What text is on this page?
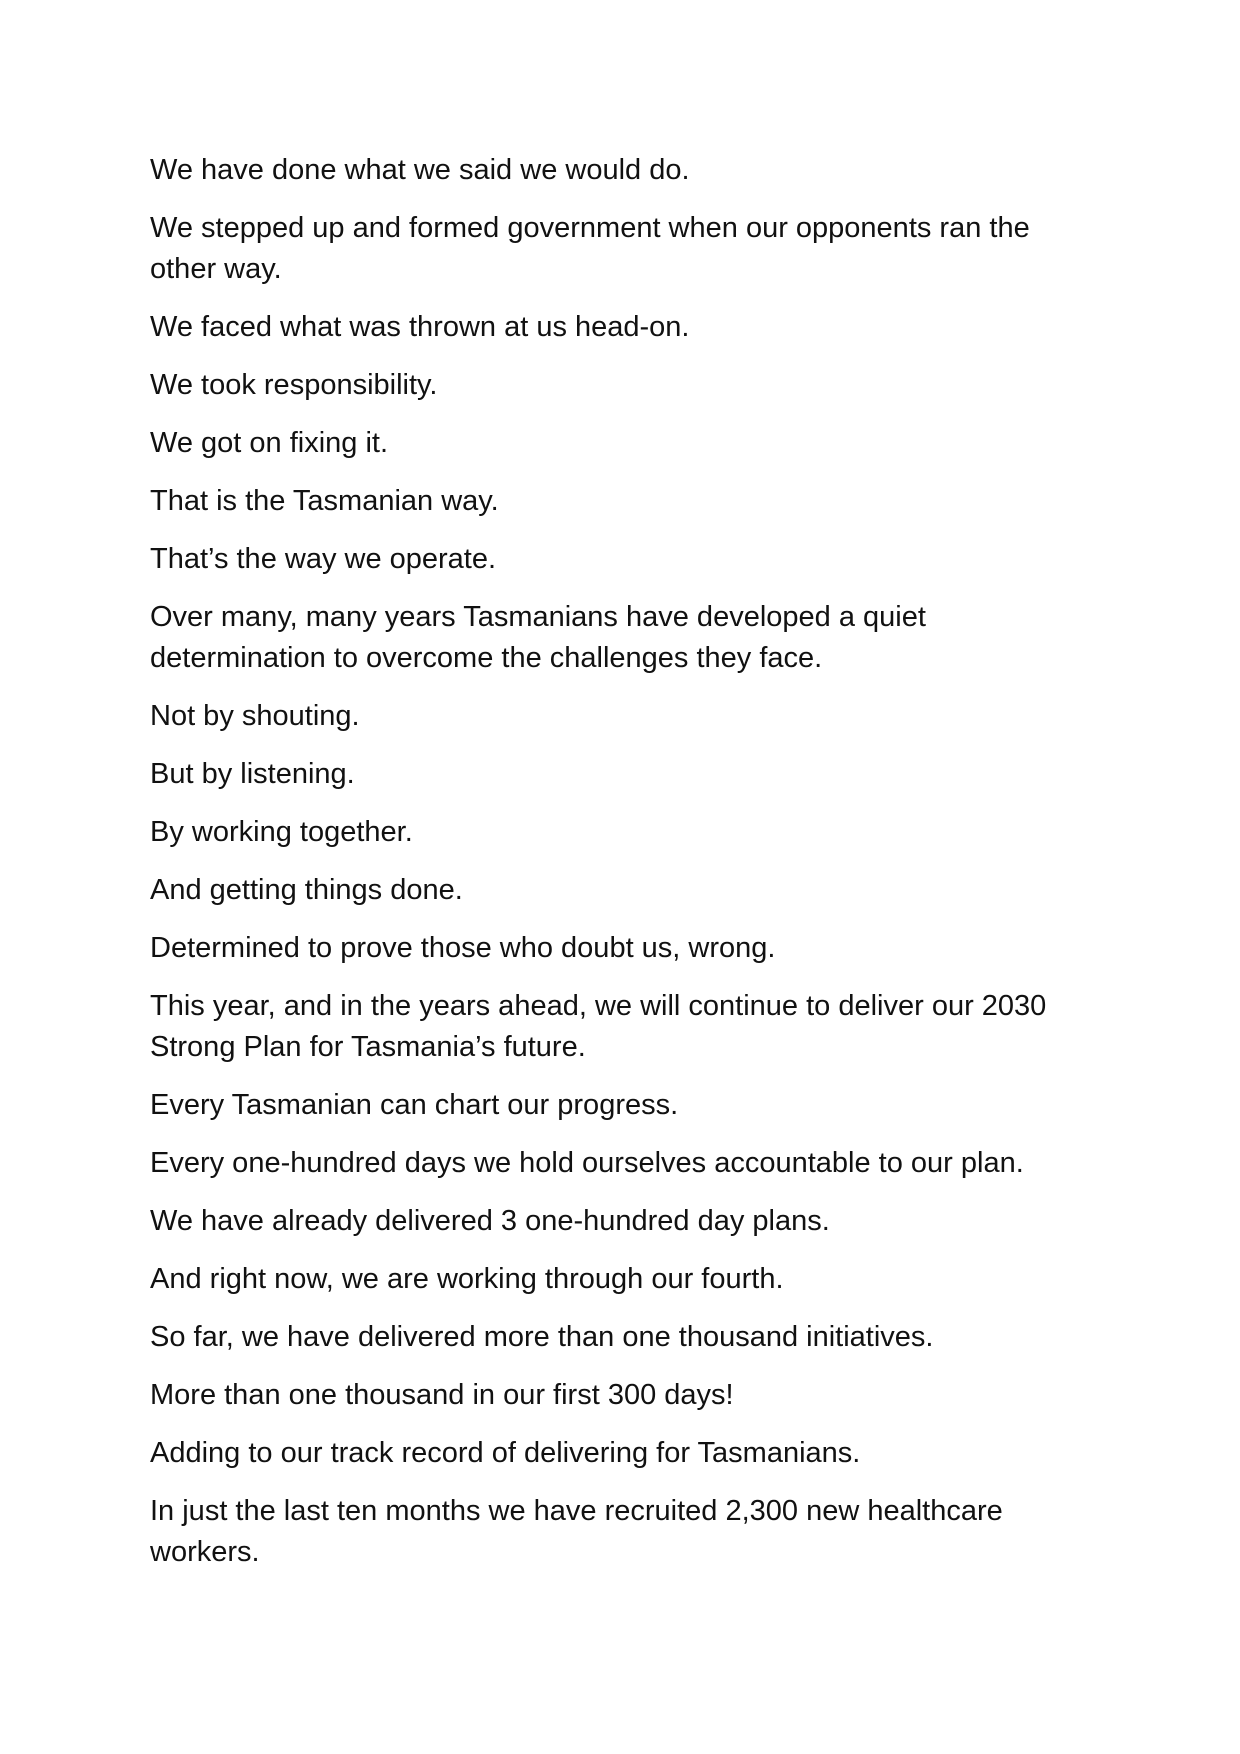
We have done what we said we would do.

We stepped up and formed government when our opponents ran the other way.

We faced what was thrown at us head-on.

We took responsibility.

We got on fixing it.

That is the Tasmanian way.

That’s the way we operate.

Over many, many years Tasmanians have developed a quiet determination to overcome the challenges they face.

Not by shouting.

But by listening.

By working together.

And getting things done.

Determined to prove those who doubt us, wrong.

This year, and in the years ahead, we will continue to deliver our 2030 Strong Plan for Tasmania’s future.

Every Tasmanian can chart our progress.

Every one-hundred days we hold ourselves accountable to our plan.

We have already delivered 3 one-hundred day plans.

And right now, we are working through our fourth.

So far, we have delivered more than one thousand initiatives.

More than one thousand in our first 300 days!

Adding to our track record of delivering for Tasmanians.

In just the last ten months we have recruited 2,300 new healthcare workers.
